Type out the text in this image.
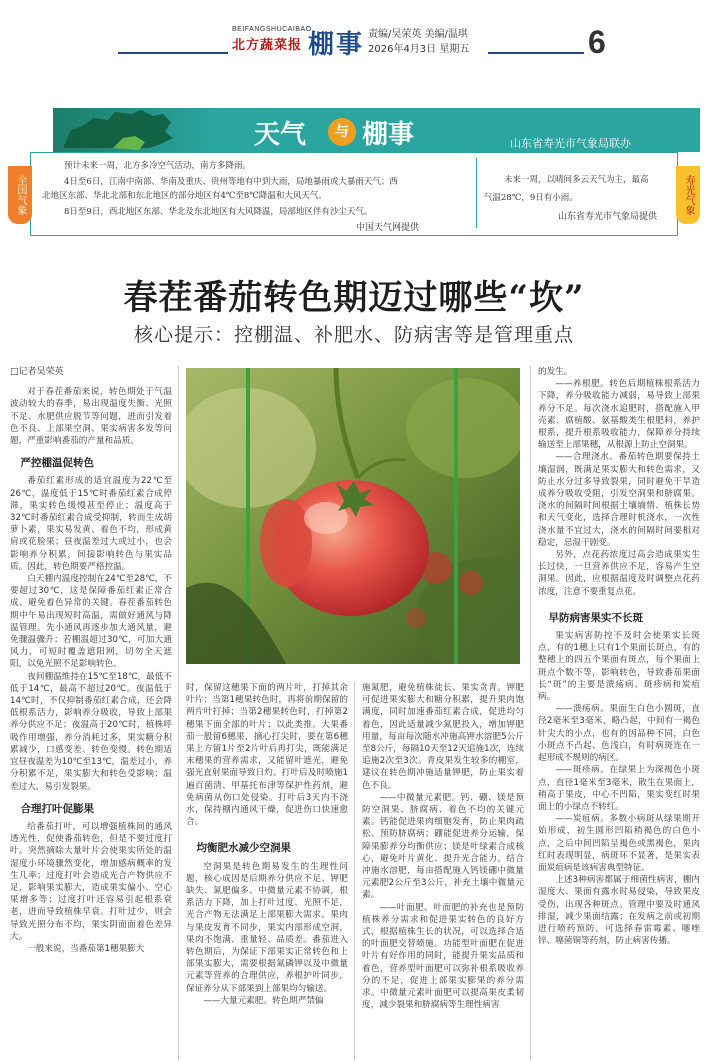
BEIFANGSHUCAIBAO
北方蔬菜报 棚事 责编/吴荣英 美编/温琪
2026年4月3日 星期五	6
天气	与 棚事	山东省寿光市气象局联办
全国气象	寿光气象
预计未来一周，北方多冷空气活动，南方多降雨。
4日至6日，江南中南部、华南及重庆、贵州等地有中到大雨，局地暴雨或大暴雨天气；西
北地区东部、华北北部和东北地区的部分地区有4℃至8℃降温和大风天气。
8日至9日，西北地区东部、华北及东北地区有大风降温，局部地区伴有沙尘天气。
中国天气网提供
未来一周，以晴间多云天气为主，最高
气温28℃，9日有小雨。
山东省寿光市气象局提供
春茬番茄转色期迈过哪些“坎”
核心提示：控棚温、补肥水、防病害等是管理重点
□记者吴荣英

对于春茬番茄来说，转色期处于气温波动较大的春季，易出现温度失衡、光照不足、水肥供应脱节等问题，进而引发着色不良、上部果空洞、果实病害多发等问题，严重影响番茄的产量和品质。

严控棚温促转色

番茄红素形成的适宜温度为22℃至26℃，温度低于15℃时番茄红素合成停滞，果实转色缓慢甚至停止；温度高于32℃时番茄红素合成受抑制，转而生成胡萝卜素，果实易发黄、着色不均，形成黄肩或花脸果；昼夜温差过大或过小，也会影响养分积累，间接影响转色与果实品质。因此，转色期要严格控温。

白天棚内温度控制在24℃至28℃，不要超过30℃，这是保障番茄红素正常合成、避免着色异常的关键。春茬番茄转色期中午易出现短时高温，需做好通风与降温管理。先小通风再逐步加大通风量，避免骤温骤升；若棚温超过30℃，可加大通风力，可短时覆盖遮阳网，切勿全天遮阳，以免光照不足影响转色。

夜间棚温维持在15℃至18℃，最低不低于14℃，最高不超过20℃。夜温低于14℃时，不仅抑制番茄红素合成，还会降低根系活力，影响养分吸收，导致上部果养分供应不足；夜温高于20℃时，植株呼吸作用增强，养分消耗过多，果实糖分积累减少，口感变差、转色变慢。转色期适宜昼夜温差为10℃至13℃，温差过小，养分积累不足，果实膨大和转色受影响；温差过大，易引发裂果。

合理打叶促膨果

给番茄打叶，可以增强植株间的通风透光性，促使番茄转色，但是不要过度打叶。突然摘除大量叶片会使果实所处的温湿度小环境骤然变化，增加感病概率的发生几率；过度打叶会造成光合产物供应不足，影响果实膨大，造成果实偏小、空心果增多等；过度打叶还容易引起根系衰老，进而导致植株早衰。打叶过少，则会导致光照分布不均，果实阴面面着色差异大。

一般来说，当番茄第1穗果膨大

时，保留这穗果下面的两片叶，打掉其余叶片；当第1穗果转色时，再将前期保留的两片叶打掉；当第2穗果转色时，打掉第2穗果下面全部的叶片；以此类推。大果番茄一般留6穗果，摘心打尖时，要在第6穗果上方留1片至2片叶后再打尖，既能满足末穗果的营养需求，又能留叶遮光，避免强光直射果面导致日灼。打叶后及时喷施1遍百菌清、甲基托布津等保护性药剂，避免病菌从伤口处侵染。打叶后3天内不浇水，保持棚内通风干燥，促进伤口快速愈合。

均衡肥水减少空洞果

空洞果是转色期易发生的生理性问题，核心成因是后期养分供应不足、钾肥缺失、氮肥偏多、中微量元素不协调，根系活力下降，加上打叶过度、光照不足，光合产物无法满足上部果膨大需求。果肉与果皮发育不同步，果实内部形成空洞，果肉不饱满、重量轻、品质差。番茄进入转色期后，为保证下部果实正常转色和上部果实膨大，需要根据氮磷钾以及中微量元素等营养的合理供应，养根护叶同步，保证养分从下部果到上部果均匀输送。

——大量元素肥。转色期严禁偏

施氮肥，避免植株徒长、果实贪青。钾肥可促进果实膨大和糖分积累，提升果肉饱满度，同时加速番茄红素合成，促进均匀着色，因此适量减少氮肥投入，增加钾肥用量，每亩每次随水冲施高钾水溶肥5公斤至8公斤，每隔10天至12天追施1次，连续追施2次至3次。青皮果发生较多的棚室，建议在转色期冲施适量钾肥，防止果实着色不良。

——中微量元素肥。钙、硼、镁是预防空洞果、脐腐病、着色不均的关键元素。钙能促进果肉细胞发育，防止果肉疏松、预防脐腐病；硼能促进养分运输，保障果膨养分均衡供应；镁是叶绿素合成核心，避免叶片黄化、提升光合能力。结合冲施水溶肥，每亩搭配施入钙镁硼中微量元素肥2公斤至3公斤，补充土壤中微量元素。

——叶面肥。叶面肥的补充也是预防植株养分需求和促进果实转色的良好方式，根据植株生长的状况，可以选择合适的叶面肥交替喷施。功能型叶面肥在促进叶片有好作用的同时，能提升果实品质和着色，营养型叶面肥可以弥补根系吸收养分的不足，促进上部果实膨果的养分需求。中微量元素叶面肥可以提高果皮柔韧度，减少裂果和脐腐病等生理性病害

的发生。

——养根肥。转色后期植株根系活力下降，养分吸收能力减弱，易导致上部果养分不足。每次浇水追肥时，搭配施入甲壳素、腐植酸、氨基酸类生根肥料，养护根系，提升根系吸收能力，保障养分持续输送至上部果穗，从根源上防止空洞果。

——合理浇水。番茄转色期要保持土壤湿润，既满足果实膨大和转色需求，又防止水分过多导致裂果，同时避免干旱造成养分吸收受阻，引发空洞果和脐腐果。浇水的间隔时间根据土壤墒情、植株长势和天气变化，选择合理时机浇水，一次性浇水量不宜过大，浇水的间隔时间要相对稳定，忌湿干剧变。

另外，点花药浓度过高会造成果实生长过快，一旦营养供应不足，容易产生空洞果。因此，应根据温度及时调整点花药浓度，注意不要重复点花。

早防病害果实不长斑

果实病害防控不及时会使果实长斑点，有的1穗上只有1个果面长斑点，有的整穗上的四五个果面有斑点，每个果面上斑点个数不等，影响转色，导致番茄果面长“斑”的主要是溃疡病、斑疹病和炭疽病。

——溃疡病。果面生白色小圆斑，直径2毫米至3毫米，略凸起，中间有一褐色针尖大的小点，也有的因品种不同，白色小斑点不凸起、色浅白，有时病斑连在一起形成不规则的病区。

——斑疹病。在绿果上为深褐色小斑点，直径1毫米至3毫米，散生在果面上，稍高于果皮，中心不凹陷，果实变红时果面上的小绿点不转红。

——炭疽病。多数小病斑从绿果期开始形成，初生圆形凹陷稍褐色的白色小点，之后中间凹陷呈褐色或黑褐色，果肉红时表现明显，病斑环不显著，是果实表面炭疽病是该病害典型特征。

上述3种病害都属于细菌性病害，棚内湿度大、果面有露水时易侵染，导致果皮受伤，出现各种斑点。管理中要及时通风排湿，减少果面结露；在发病之前或初期进行喷药预防，可选择春雷霉素、噻唑锌、噻菌铜等药剂，防止病害传播。
